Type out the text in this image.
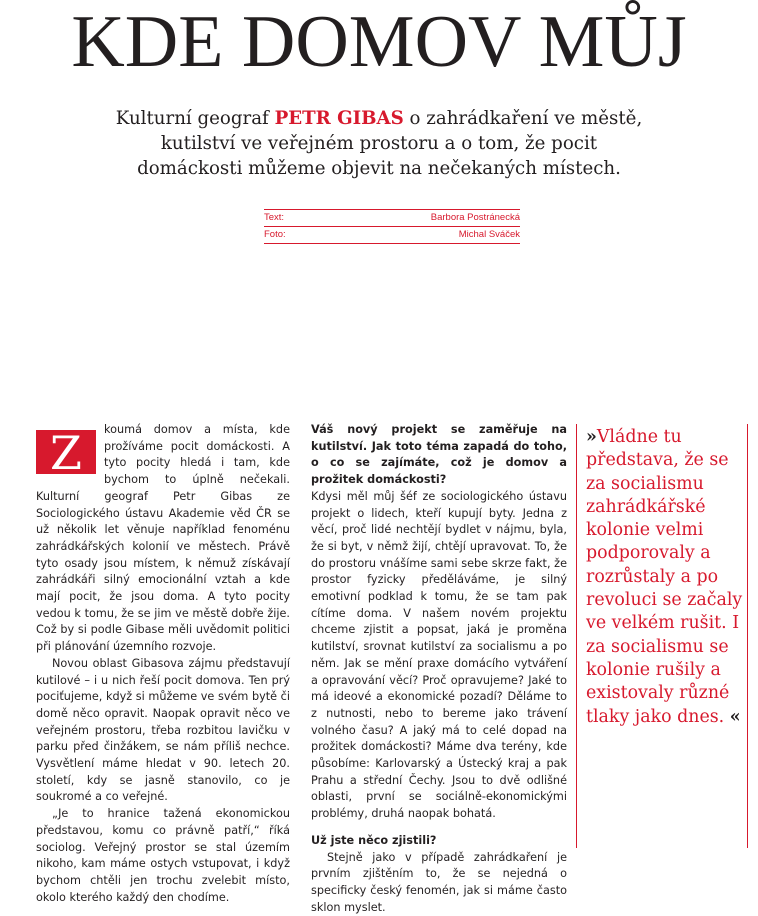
KDE DOMOV MŮJ

Kulturní geograf PETR GIBAS o zahrádkaření ve městě, kutilství ve veřejném prostoru a o tom, že pocit domáckosti můžeme objevit na nečekaných místech.

Text:	Barbora Postránecká
Foto:	Michal Sváček
Z	koumá domov a místa, kde prožíváme pocit domáckosti. A tyto pocity hledá i tam, kde bychom to úplně nečekali. Kulturní geograf Petr Gibas ze Sociologického ústavu Akademie věd ČR se už několik let věnuje například fenoménu zahrádkářských kolonií ve městech. Právě tyto osady jsou místem, k němuž získávají zahrádkáři silný emocionální vztah a kde mají pocit, že jsou doma. A tyto pocity vedou k tomu, že se jim ve městě dobře žije. Což by si podle Gibase měli uvědomit politici při plánování územního rozvoje.

Novou oblast Gibasova zájmu představují kutilové – i u nich řeší pocit domova. Ten prý pociťujeme, když si můžeme ve svém bytě či domě něco opravit. Naopak opravit něco ve veřejném prostoru, třeba rozbitou lavičku v parku před činžákem, se nám příliš nechce. Vysvětlení máme hledat v 90. letech 20. století, kdy se jasně stanovilo, co je soukromé a co veřejné.

„Je to hranice tažená ekonomickou představou, komu co právně patří,“ říká sociolog. Veřejný prostor se stal územím nikoho, kam máme ostych vstupovat, i když bychom chtěli jen trochu zvelebit místo, okolo kterého každý den chodíme.

Váš nový projekt se zaměřuje na kutilství. Jak toto téma zapadá do toho, o co se zajímáte, což je domov a prožitek domáckosti?

Kdysi měl můj šéf ze sociologického ústavu projekt o lidech, kteří kupují byty. Jedna z věcí, proč lidé nechtějí bydlet v nájmu, byla, že si byt, v němž žijí, chtějí upravovat. To, že do prostoru vnášíme sami sebe skrze fakt, že prostor fyzicky předěláváme, je silný emotivní podklad k tomu, že se tam pak cítíme doma. V našem novém projektu chceme zjistit a popsat, jaká je proměna kutilství, srovnat kutilství za socialismu a po něm. Jak se mění praxe domácího vytváření a opravování věcí? Proč opravujeme? Jaké to má ideové a ekonomické pozadí? Děláme to z nutnosti, nebo to bereme jako trávení volného času? A jaký má to celé dopad na prožitek domáckosti? Máme dva terény, kde působíme: Karlovarský a Ústecký kraj a pak Prahu a střední Čechy. Jsou to dvě odlišné oblasti, první se sociálně-ekonomickými problémy, druhá naopak bohatá.

Už jste něco zjistili?

Stejně jako v případě zahrádkaření je prvním zjištěním to, že se nejedná o specificky český fenomén, jak si máme často sklon myslet.

»Vládne tu představa, že se za socialismu zahrádkářské kolonie velmi podporovaly a rozrůstaly a po revoluci se začaly ve velkém rušit. I za socialismu se kolonie rušily a existovaly různé tlaky jako dnes. «
